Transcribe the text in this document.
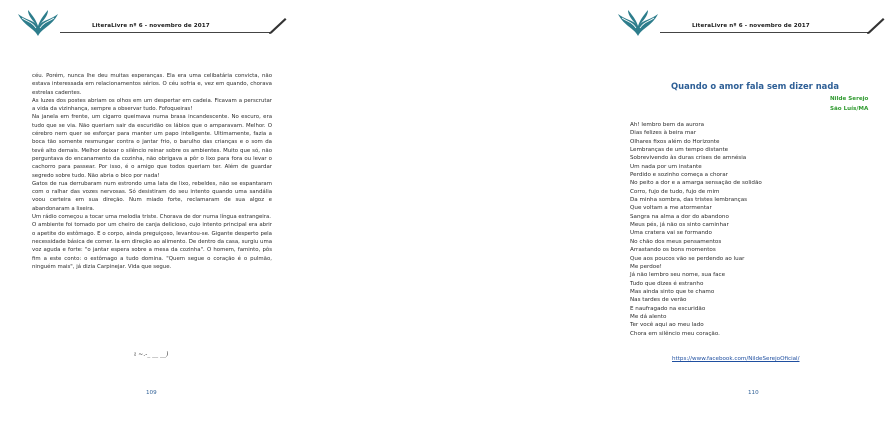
LiteraLivre nº 6 - novembro de 2017

céu. Porém, nunca lhe deu muitas esperanças. Ela era uma celibatária convicta, não estava interessada em relacionamentos sérios. O céu sofria e, vez em quando, chorava estrelas cadentes.

As luzes dos postes abriam os olhos em um despertar em cadeia. Ficavam a perscrutar a vida da vizinhança, sempre a observar tudo. Fofoqueiras!

Na janela em frente, um cigarro queimava numa brasa incandescente. No escuro, era tudo que se via. Não queriam sair da escuridão os lábios que o amparavam. Melhor. O cérebro nem quer se esforçar para manter um papo inteligente. Ultimamente, fazia a boca tão somente resmungar contra o jantar frio, o barulho das crianças e o som da tevê alto demais. Melhor deixar o silêncio reinar sobre os ambientes. Muito que só, não perguntava do encanamento da cozinha, não obrigava a pôr o lixo para fora ou levar o cachorro para passear. Por isso, é o amigo que todos queriam ter. Além de guardar segredo sobre tudo. Não abria o bico por nada!

Gatos de rua derrubaram num estrondo uma lata de lixo, rebeldes, não se espantaram com o ralhar das vozes nervosas. Só desistiram do seu intento quando uma sandália voou certeira em sua direção. Num miado forte, reclamaram de sua algoz e abandonaram a lixeira.

Um rádio começou a tocar uma melodia triste. Chorava de dor numa língua estrangeira.

O ambiente foi tomado por um cheiro de canja delicioso, cujo intento principal era abrir o apetite do estômago. E o corpo, ainda preguiçoso, levantou-se. Gigante desperto pela necessidade básica de comer. Ia em direção ao alimento. De dentro da casa, surgiu uma voz aguda e forte: "o jantar espera sobre a mesa da cozinha". O homem, faminto, pôs fim a este conto: o estômago a tudo domina. "Quem segue o coração é o pulmão, ninguém mais", já dizia Carpinejar. Vida que segue.

ι ~.-_ __ __)
109
LiteraLivre nº 6 - novembro de 2017
Quando o amor fala sem dizer nada
Nilde Serejo
São Luís/MA
Ah! lembro bem da aurora
Dias felizes à beira mar
Olhares fixos além do Horizonte
Lembranças de um tempo distante
Sobrevivendo às duras crises de amnésia
Um nada por um instante
Perdido e sozinho começa a chorar
No peito a dor e a amarga sensação de solidão
Corro, fujo de tudo, fujo de mim
Da minha sombra, das tristes lembranças
Que voltam a me atormentar
Sangra na alma a dor do abandono
Meus pés, já não os sinto caminhar
Uma cratera vai se formando
No chão dos meus pensamentos
Arrastando os bons momentos
Que aos poucos vão se perdendo ao luar
Me perdoe!
Já não lembro seu nome, sua face
Tudo que dizes é estranho
Mas ainda sinto que te chamo
Nas tardes de verão
E naufragado na escuridão
Me dá alento
Ter você aqui ao meu lado
Chora em silêncio meu coração.
https://www.facebook.com/NildeSerejoOficial/
110
